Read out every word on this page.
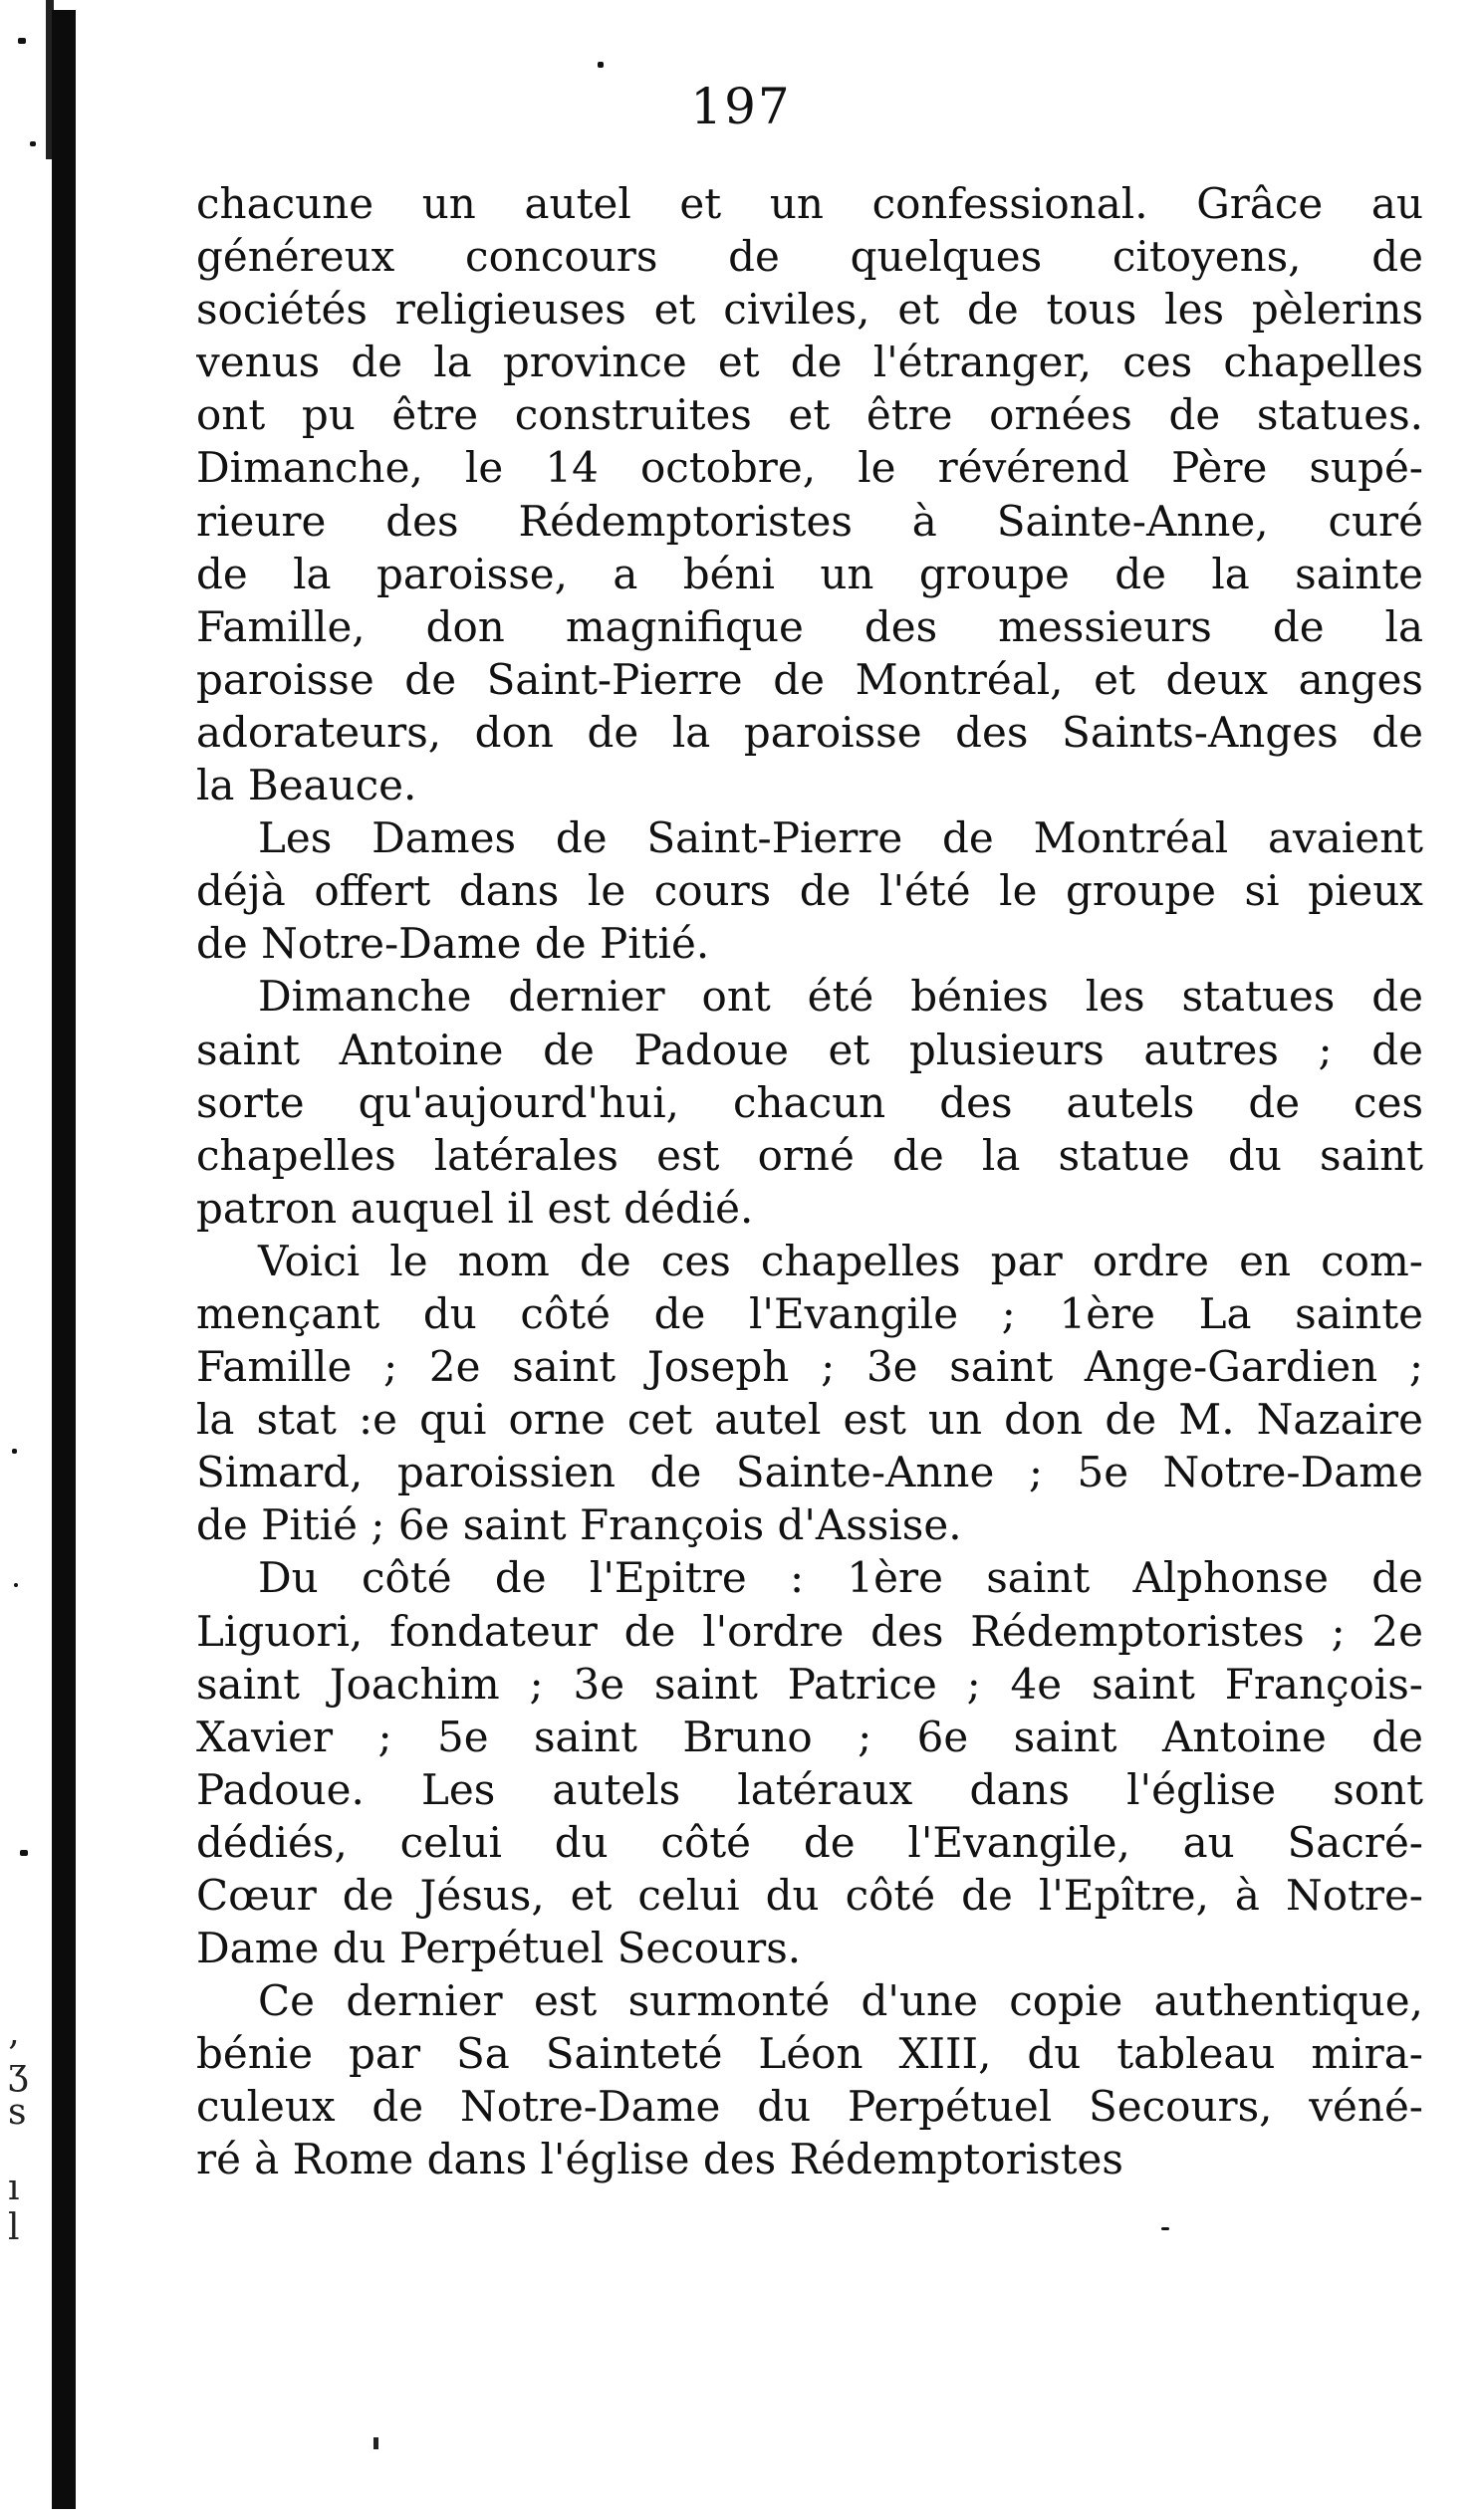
‚
ʒ
s
ı
l
197
chacune un autel et un confessional. Grâce au
généreux concours de quelques citoyens, de
sociétés religieuses et civiles, et de tous les pèlerins
venus de la province et de l'étranger, ces chapelles
ont pu être construites et être ornées de statues.
Dimanche, le 14 octobre, le révérend Père supé-
rieure des Rédemptoristes à Sainte-Anne, curé
de la paroisse, a béni un groupe de la sainte
Famille, don magnifique des messieurs de la
paroisse de Saint-Pierre de Montréal, et deux anges
adorateurs, don de la paroisse des Saints-Anges de
la Beauce.
Les Dames de Saint-Pierre de Montréal avaient
déjà offert dans le cours de l'été le groupe si pieux
de Notre-Dame de Pitié.
Dimanche dernier ont été bénies les statues de
saint Antoine de Padoue et plusieurs autres ; de
sorte qu'aujourd'hui, chacun des autels de ces
chapelles latérales est orné de la statue du saint
patron auquel il est dédié.
Voici le nom de ces chapelles par ordre en com-
mençant du côté de l'Evangile ; 1ère La sainte
Famille ; 2e saint Joseph ; 3e saint Ange-Gardien ;
la stat :e qui orne cet autel est un don de M. Nazaire
Simard, paroissien de Sainte-Anne ; 5e Notre-Dame
de Pitié ; 6e saint François d'Assise.
Du côté de l'Epitre : 1ère saint Alphonse de
Liguori, fondateur de l'ordre des Rédemptoristes ; 2e
saint Joachim ; 3e saint Patrice ; 4e saint François-
Xavier ; 5e saint Bruno ; 6e saint Antoine de
Padoue. Les autels latéraux dans l'église sont
dédiés, celui du côté de l'Evangile, au Sacré-
Cœur de Jésus, et celui du côté de l'Epître, à Notre-
Dame du Perpétuel Secours.
Ce dernier est surmonté d'une copie authentique,
bénie par Sa Sainteté Léon XIII, du tableau mira-
culeux de Notre-Dame du Perpétuel Secours, véné-
ré à Rome dans l'église des Rédemptoristes
